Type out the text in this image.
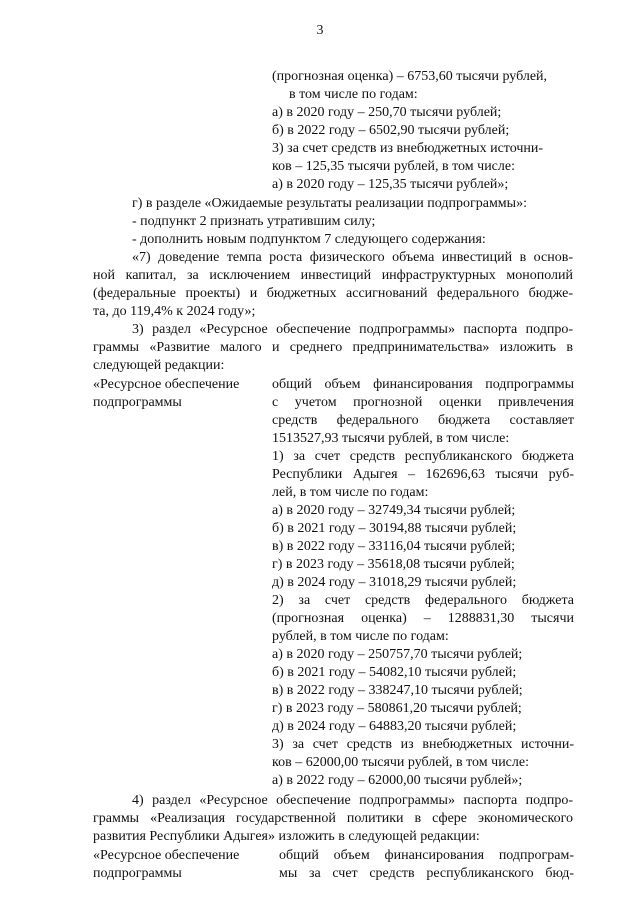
3
(прогнозная оценка) – 6753,60 тысячи рублей,
в том числе по годам:
а) в 2020 году – 250,70 тысячи рублей;
б) в 2022 году – 6502,90 тысячи рублей;
3) за счет средств из внебюджетных источни-
ков – 125,35 тысячи рублей, в том числе:
а) в 2020 году – 125,35 тысячи рублей»;
г) в разделе «Ожидаемые результаты реализации подпрограммы»:
- подпункт 2 признать утратившим силу;
- дополнить новым подпунктом 7 следующего содержания:
«7) доведение темпа роста физического объема инвестиций в основ-
ной капитал, за исключением инвестиций инфраструктурных монополий
(федеральные проекты) и бюджетных ассигнований федерального бюдже-
та, до 119,4% к 2024 году»;
3) раздел «Ресурсное обеспечение подпрограммы» паспорта подпро-
граммы «Развитие малого и среднего предпринимательства» изложить в
следующей редакции:
«Ресурсное обеспечение
подпрограммы
общий объем финансирования подпрограммы
с учетом прогнозной оценки привлечения
средств федерального бюджета составляет
1513527,93 тысячи рублей, в том числе:
1) за счет средств республиканского бюджета
Республики Адыгея – 162696,63 тысячи руб-
лей, в том числе по годам:
а) в 2020 году – 32749,34 тысячи рублей;
б) в 2021 году – 30194,88 тысячи рублей;
в) в 2022 году – 33116,04 тысячи рублей;
г) в 2023 году – 35618,08 тысячи рублей;
д) в 2024 году – 31018,29 тысячи рублей;
2) за счет средств федерального бюджета
(прогнозная оценка) – 1288831,30 тысячи
рублей, в том числе по годам:
а) в 2020 году – 250757,70 тысячи рублей;
б) в 2021 году – 54082,10 тысячи рублей;
в) в 2022 году – 338247,10 тысячи рублей;
г) в 2023 году – 580861,20 тысячи рублей;
д) в 2024 году – 64883,20 тысячи рублей;
3) за счет средств из внебюджетных источни-
ков – 62000,00 тысячи рублей, в том числе:
а) в 2022 году – 62000,00 тысячи рублей»;
4) раздел «Ресурсное обеспечение подпрограммы» паспорта подпро-
граммы «Реализация государственной политики в сфере экономического
развития Республики Адыгея» изложить в следующей редакции:
«Ресурсное обеспечение
подпрограммы
общий объем финансирования подпрограм-
мы за счет средств республиканского бюд-
